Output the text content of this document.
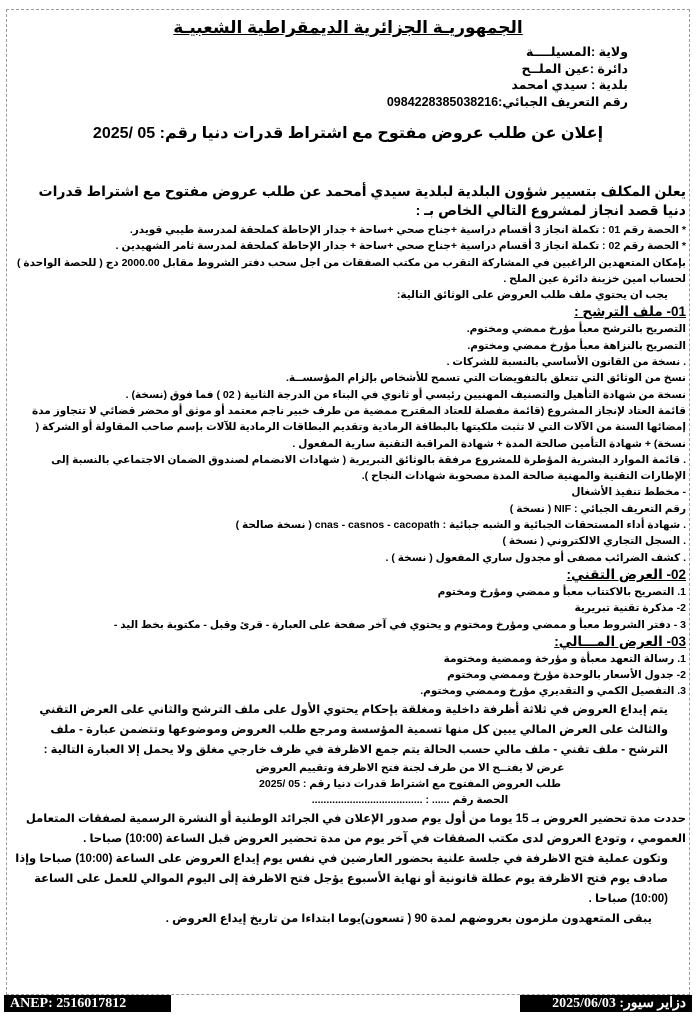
الجمهوريـة الجزائرية الديمقراطية الشعبيـة
ولاية :المسيلــــة
دائرة :عين الملــح
بلدية : سيدي امحمد
رقم التعريف الجبائي:098422838503821​6
إعلان عن طلب عروض مفتوح مع اشتراط قدرات دنيا رقم: 05 /2025
يعلن المكلف بتسيير شؤون البلدية لبلدية سيدي أمحمد عن طلب عروض مفتوح مع اشتراط قدرات دنيا قصد انجاز لمشروع التالي الخاص بـ :

* الحصة رقم 01 : تكملة انجاز 3 أقسام دراسية +جناح صحي +ساحة + جدار الإحاطة كملحقة لمدرسة طيبي قويدر.

* الحصة رقم 02 : تكملة انجاز 3 أقسام دراسية +جناح صحي +ساحة + جدار الإحاطة كملحقة لمدرسة ثامر الشهيدين .

بإمكان المتعهدين الراغبين في المشاركة التقرب من مكتب الصفقات من اجل سحب دفتر الشروط مقابل 2000.00 دج ( للحصة الواحدة ) لحساب امين خزينة دائرة عين الملح .

يجب ان يحتوي ملف طلب العروض على الوثائق التالية:

01- ملف الترشح :

التصريح بالترشح معبأ مؤرخ ممضي ومختوم.

التصريح بالنزاهة معبأ مؤرخ ممضي ومختوم.

. نسخة من القانون الأساسي بالنسبة للشركات .

نسخ من الوثائق التي تتعلق بالتفويضات التي تسمح للأشخاص بإلزام المؤسســة.

نسخة من شهادة التأهيل والتصنيف المهنيين رئيسي أو ثانوي في البناء من الدرجة الثانية ( 02 ) فما فوق (نسخة) .

قائمة العتاد لإنجاز المشروع (قائمة مفصلة للعتاد المقترح ممضية من طرف خبير ناجم معتمد أو موثق أو محضر قضائي لا تتجاوز مدة إمضائها السنة من الآلات التي لا تثبت ملكيتها بالبطاقة الرمادية وتقديم البطاقات الرمادية للآلات بإسم صاحب المقاولة أو الشركة ( نسخة) + شهادة التأمين صالحة المدة + شهادة المراقبة التقنية سارية المفعول .

. قائمة الموارد البشرية المؤطرة للمشروع مرفقة بالوثائق التبريرية ( شهادات الانضمام لصندوق الضمان الاجتماعي بالنسبة إلى الإطارات التقنية والمهنية صالحة المدة مصحوبة شهادات النجاح ).

- مخطط تنفيذ الأشغال

رقم التعريف الجبائي : NIF ( نسخة )

. شهادة أداء المستحقات الجبائية و الشبه جبائية : cnas - casnos - cacopath ( نسخة صالحة )

. السجل التجاري الالكتروني ( نسخة )

. كشف الضرائب مصفى أو مجدول ساري المفعول ( نسخة ) .

02- العرض التقني:

1. التصريح بالاكتتاب معبأ و ممضي ومؤرخ ومختوم

2- مذكرة تقنية تبريرية

3 - دفتر الشروط معبأ و ممضي ومؤرخ ومختوم و يحتوي في آخر صفحة على العبارة - قرئ وقبل - مكتوبة بخط اليد -

03- العرض المـــالي:

1. رسالة التعهد معبأة و مؤرخة وممضية ومختومة

2- جدول الأسعار بالوحدة مؤرخ وممضي ومختوم

3. التفصيل الكمي و التقديري مؤرخ وممضي ومختوم.

يتم إيداع العروض في ثلاثة أظرفة داخلية ومغلقة بإحكام يحتوي الأول على ملف الترشح والثاني على العرض التقني والثالث على العرض المالي يبين كل منها تسمية المؤسسة ومرجع طلب العروض وموضوعها وتتضمن عبارة - ملف الترشح - ملف تقني - ملف مالي حسب الحالة يتم جمع الاظرفة في ظرف خارجي مغلق ولا يحمل إلا العبارة التالية :

عرض لا يفتــح الا من طرف لجنة فتح الاظرفة وتقييم العروض

طلب العروض المفتوح مع اشتراط قدرات دنيا رقم : 05 /2025

الحصة رقم ...... : ......................................

حددت مدة تحضير العروض بـ 15 يوما من أول يوم صدور الإعلان في الجرائد الوطنية أو النشرة الرسمية لصفقات المتعامل العمومي ، وتودع العروض لدى مكتب الصفقات في آخر يوم من مدة تحضير العروض قبل الساعة (10:00) صباحا .

وتكون عملية فتح الاظرفة في جلسة علنية بحضور العارضين في نفس يوم إيداع العروض على الساعة (10:00) صباحا وإذا صادف يوم فتح الاظرفة يوم عطلة قانونية أو نهاية الأسبوع يؤجل فتح الاظرفة إلى اليوم الموالي للعمل على الساعة (10:00) صباحا .

يبقى المتعهدون ملزمون بعروضهم لمدة 90 ( تسعون)يوما ابتداءا من تاريخ إيداع العروض .

ANEP: 2516017812	دزاير سيور: 2025/06/03
